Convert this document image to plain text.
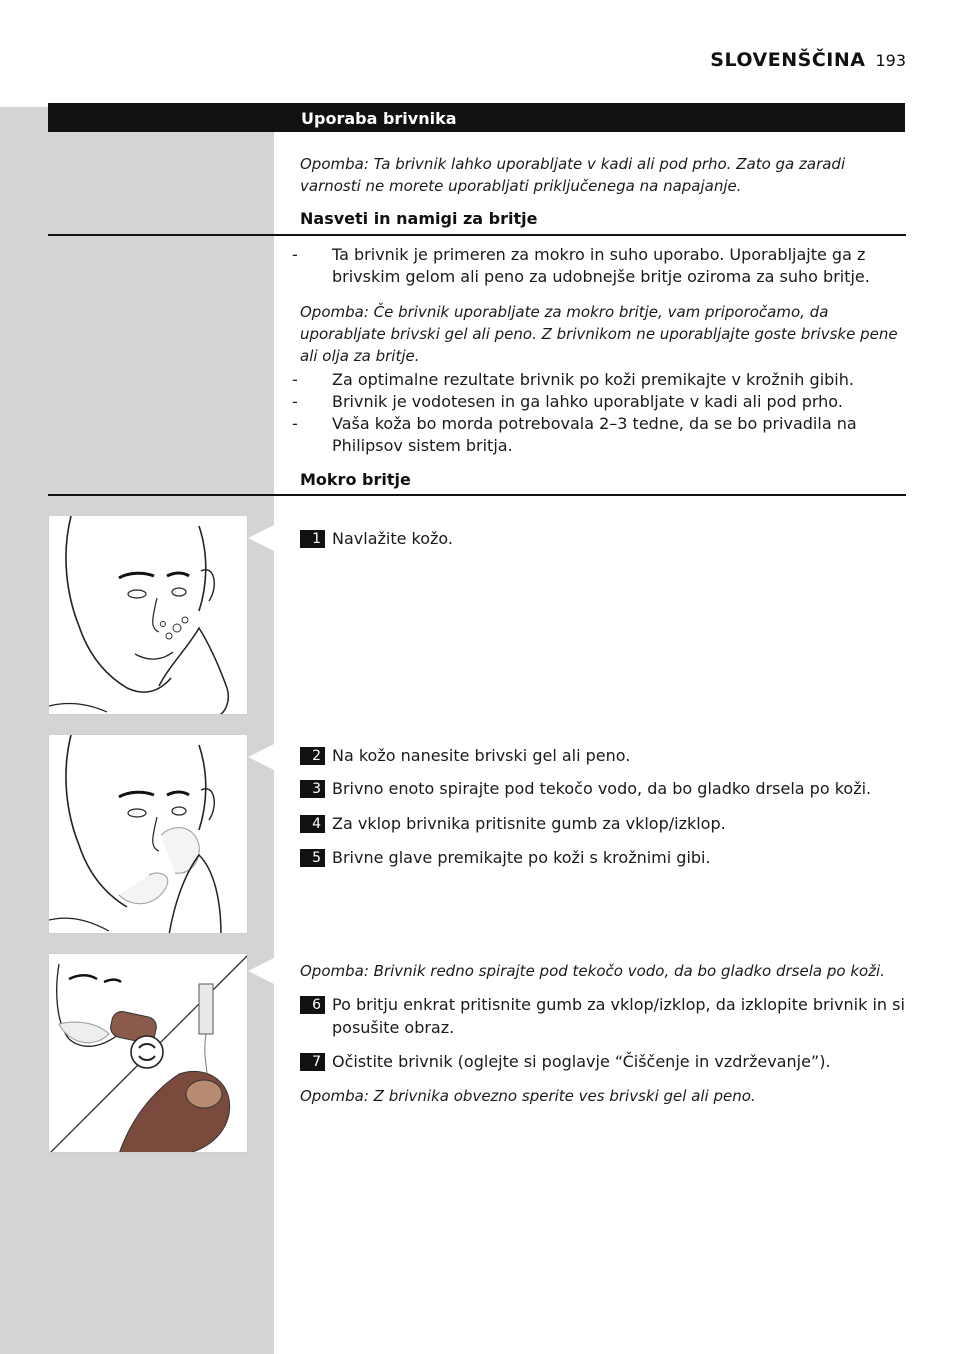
SLOVENŠČINA 193
Uporaba brivnika
Opomba: Ta brivnik lahko uporabljate v kadi ali pod prho. Zato ga zaradi varnosti ne morete uporabljati priključenega na napajanje.
Nasveti in namigi za britje
- Ta brivnik je primeren za mokro in suho uporabo. Uporabljajte ga z brivskim gelom ali peno za udobnejše britje oziroma za suho britje.
Opomba: Če brivnik uporabljate za mokro britje, vam priporočamo, da uporabljate brivski gel ali peno. Z brivnikom ne uporabljajte goste brivske pene ali olja za britje.
- Za optimalne rezultate brivnik po koži premikajte v krožnih gibih.
- Brivnik je vodotesen in ga lahko uporabljate v kadi ali pod prho.
- Vaša koža bo morda potrebovala 2–3 tedne, da se bo privadila na Philipsov sistem britja.
Mokro britje
1 Navlažite kožo.
2 Na kožo nanesite brivski gel ali peno.
3 Brivno enoto spirajte pod tekočo vodo, da bo gladko drsela po koži.
4 Za vklop brivnika pritisnite gumb za vklop/izklop.
5 Brivne glave premikajte po koži s krožnimi gibi.
Opomba: Brivnik redno spirajte pod tekočo vodo, da bo gladko drsela po koži.
6 Po britju enkrat pritisnite gumb za vklop/izklop, da izklopite brivnik in si posušite obraz.
7 Očistite brivnik (oglejte si poglavje “Čiščenje in vzdrževanje”).
Opomba: Z brivnika obvezno sperite ves brivski gel ali peno.
